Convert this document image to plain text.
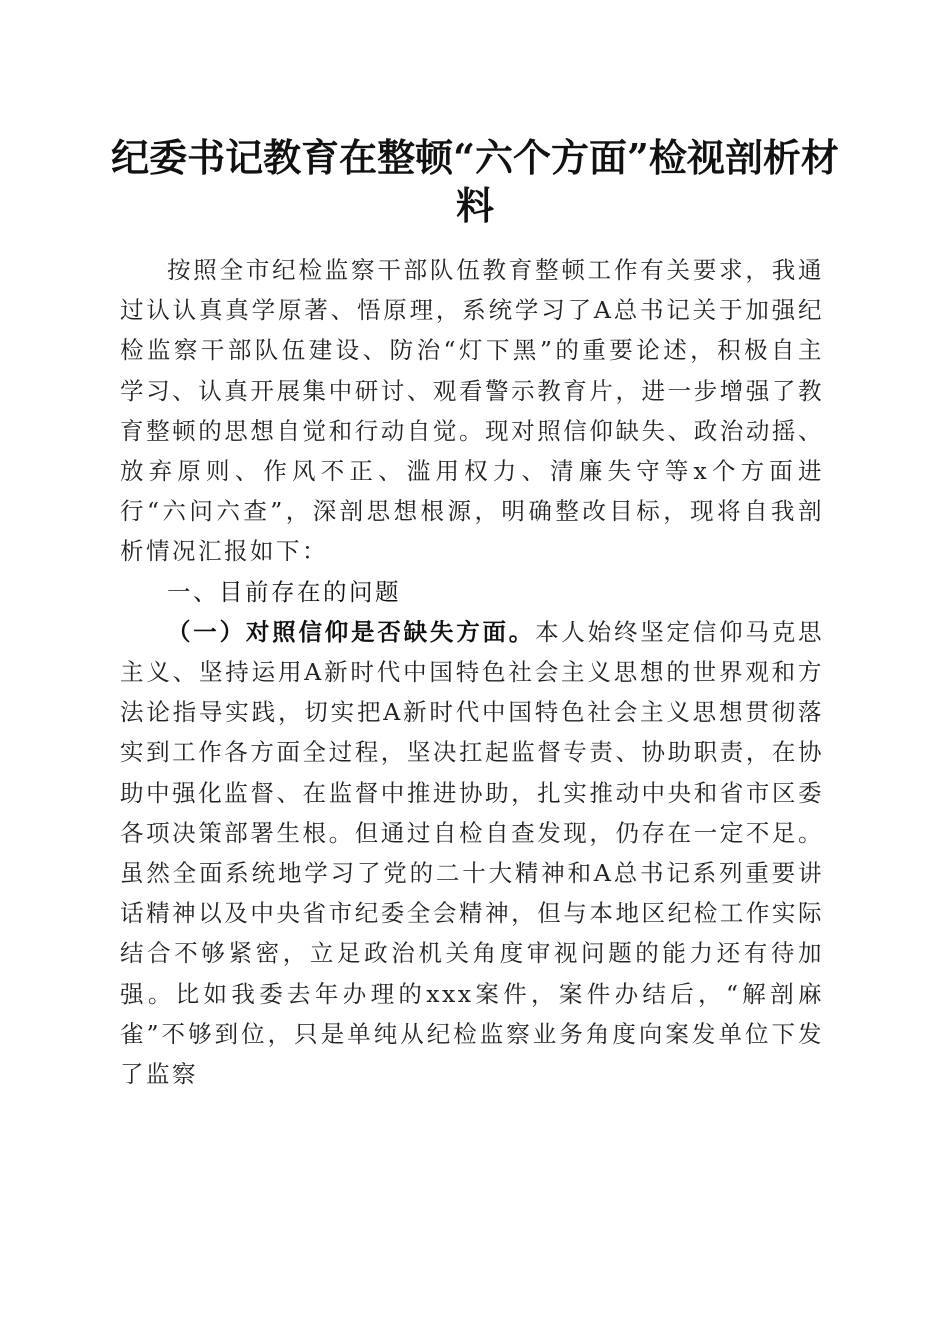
纪委书记教育在整顿“六个方面”检视剖析材料

按照全市纪检监察干部队伍教育整顿工作有关要求，我通过认认真真学原著、悟原理，系统学习了A总书记关于加强纪检监察干部队伍建设、防治“灯下黑”的重要论述，积极自主学习、认真开展集中研讨、观看警示教育片，进一步增强了教育整顿的思想自觉和行动自觉。现对照信仰缺失、政治动摇、放弃原则、作风不正、滥用权力、清廉失守等x个方面进行“六问六查”，深剖思想根源，明确整改目标，现将自我剖析情况汇报如下：

一、目前存在的问题

（一）对照信仰是否缺失方面。本人始终坚定信仰马克思主义、坚持运用A新时代中国特色社会主义思想的世界观和方法论指导实践，切实把A新时代中国特色社会主义思想贯彻落实到工作各方面全过程，坚决扛起监督专责、协助职责，在协助中强化监督、在监督中推进协助，扎实推动中央和省市区委各项决策部署生根。但通过自检自查发现，仍存在一定不足。虽然全面系统地学习了党的二十大精神和A总书记系列重要讲话精神以及中央省市纪委全会精神，但与本地区纪检工作实际结合不够紧密，立足政治机关角度审视问题的能力还有待加强。比如我委去年办理的xxx案件，案件办结后，“解剖麻雀”不够到位，只是单纯从纪检监察业务角度向案发单位下发了监察
